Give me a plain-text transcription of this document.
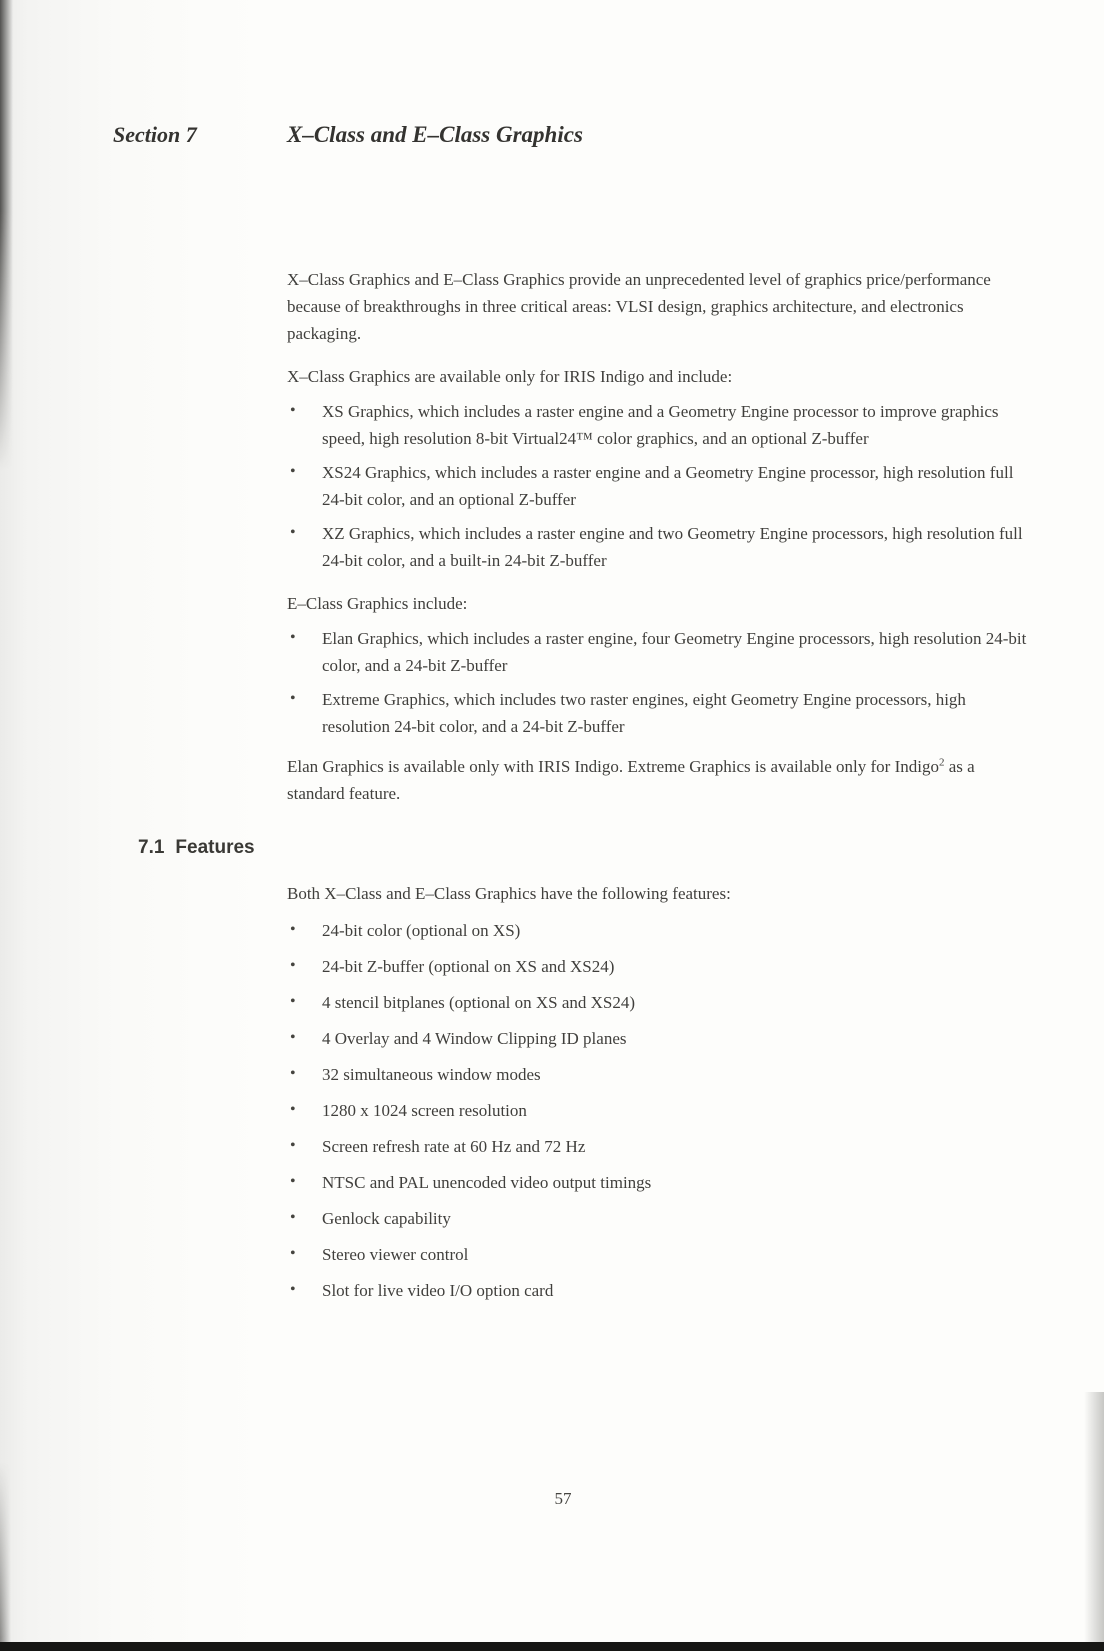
Section 7	X–Class and E–Class Graphics

X–Class Graphics and E–Class Graphics provide an unprecedented level of graphics price/performance because of breakthroughs in three critical areas: VLSI design, graphics architecture, and electronics packaging.

X–Class Graphics are available only for IRIS Indigo and include:

• XS Graphics, which includes a raster engine and a Geometry Engine processor to improve graphics speed, high resolution 8-bit Virtual24™ color graphics, and an optional Z-buffer
• XS24 Graphics, which includes a raster engine and a Geometry Engine processor, high resolution full 24-bit color, and an optional Z-buffer
• XZ Graphics, which includes a raster engine and two Geometry Engine processors, high resolution full 24-bit color, and a built-in 24-bit Z-buffer

E–Class Graphics include:

• Elan Graphics, which includes a raster engine, four Geometry Engine processors, high resolution 24-bit color, and a 24-bit Z-buffer
• Extreme Graphics, which includes two raster engines, eight Geometry Engine processors, high resolution 24-bit color, and a 24-bit Z-buffer

Elan Graphics is available only with IRIS Indigo. Extreme Graphics is available only for Indigo$^2$ as a standard feature.

7.1 Features

Both X–Class and E–Class Graphics have the following features:

• 24-bit color (optional on XS)
• 24-bit Z-buffer (optional on XS and XS24)
• 4 stencil bitplanes (optional on XS and XS24)
• 4 Overlay and 4 Window Clipping ID planes
• 32 simultaneous window modes
• 1280 x 1024 screen resolution
• Screen refresh rate at 60 Hz and 72 Hz
• NTSC and PAL unencoded video output timings
• Genlock capability
• Stereo viewer control
• Slot for live video I/O option card
57
